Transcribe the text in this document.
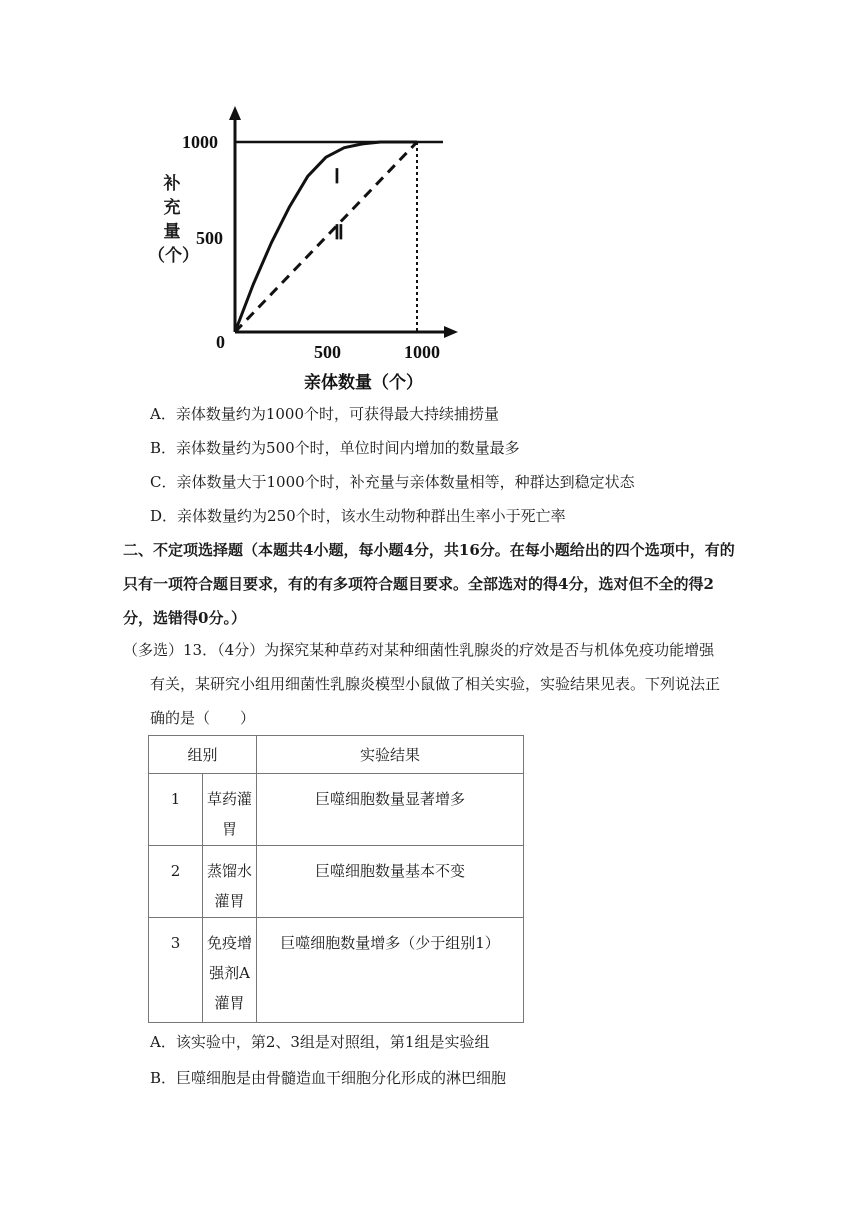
1000
500
0	500	1000
补
充
量
（个）
亲体数量（个）
Ⅰ
Ⅱ
A．亲体数量约为1000个时，可获得最大持续捕捞量
B．亲体数量约为500个时，单位时间内增加的数量最多
C．亲体数量大于1000个时，补充量与亲体数量相等，种群达到稳定状态
D．亲体数量约为250个时，该水生动物种群出生率小于死亡率
二、不定项选择题（本题共4小题，每小题4分，共16分。在每小题给出的四个选项中，有的只有一项符合题目要求，有的有多项符合题目要求。全部选对的得4分，选对但不全的得2分，选错得0分。）
（多选）13．（4分）为探究某种草药对某种细菌性乳腺炎的疗效是否与机体免疫功能增强
有关，某研究小组用细菌性乳腺炎模型小鼠做了相关实验，实验结果见表。下列说法正
确的是（　　）
组别		实验结果

1	草药灌胃	巨噬细胞数量显著增多

2	蒸馏水灌胃	巨噬细胞数量基本不变

3	免疫增强剂A灌胃	巨噬细胞数量增多（少于组别1）
A．该实验中，第2、3组是对照组，第1组是实验组
B．巨噬细胞是由骨髓造血干细胞分化形成的淋巴细胞
